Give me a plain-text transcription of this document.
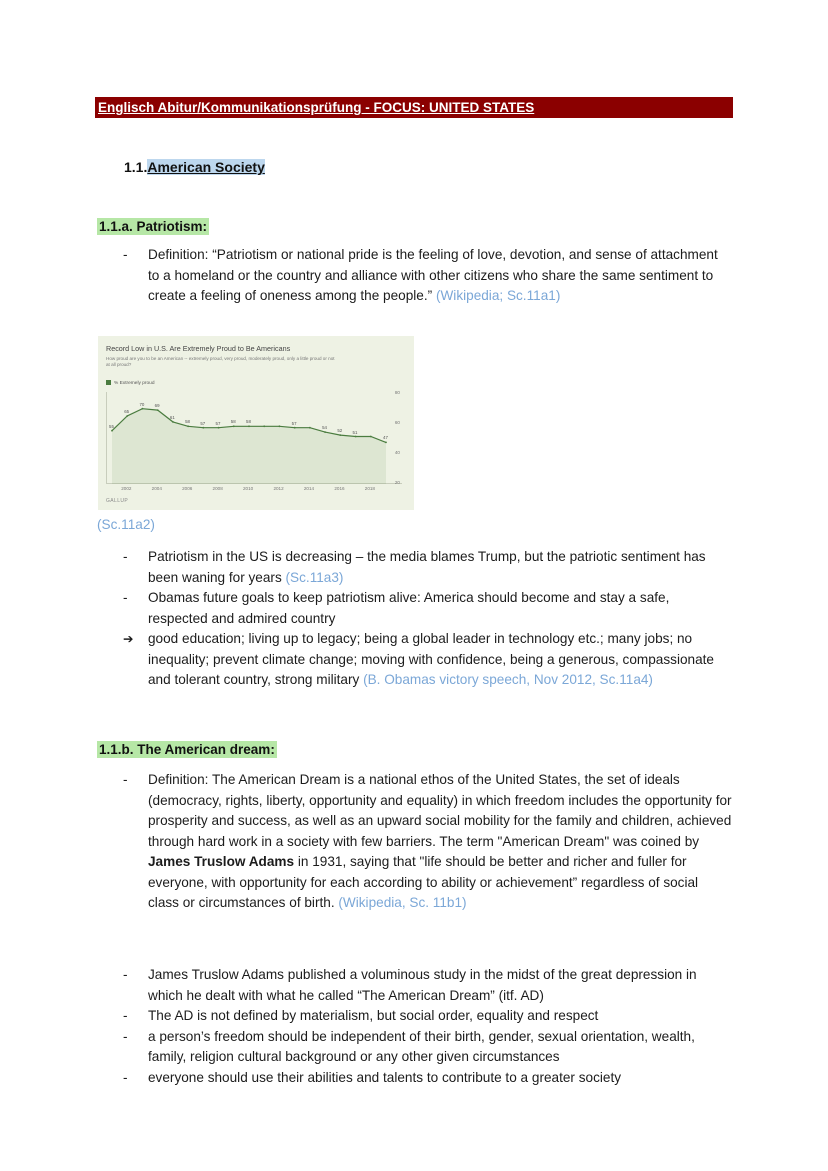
Englisch Abitur/Kommunikationsprüfung - FOCUS: UNITED STATES
1.1.American Society
1.1.a. Patriotism:
-	Definition: “Patriotism or national pride is the feeling of love, devotion, and sense of attachment to a homeland or the country and alliance with other citizens who share the same sentiment to create a feeling of oneness among the people.” (Wikipedia; Sc.11a1)
Record Low in U.S. Are Extremely Proud to Be Americans
How proud are you to be an American -- extremely proud, very proud, moderately proud, only a little proud or not at all proud?
% Extremely proud
80
60
40
20
55
65
70 69
61
58 57 57 58 58	57
54
52 51
47
2002	2004	2006	2008	2010	2012	2014	2016	2018
GALLUP
(Sc.11a2)
-	Patriotism in the US is decreasing – the media blames Trump, but the patriotic sentiment has been waning for years (Sc.11a3)
-	Obamas future goals to keep patriotism alive: America should become and stay a safe, respected and admired country
➔	good education; living up to legacy; being a global leader in technology etc.; many jobs; no inequality; prevent climate change; moving with confidence, being a generous, compassionate and tolerant country, strong military (B. Obamas victory speech, Nov 2012, Sc.11a4)
1.1.b. The American dream:
-	Definition: The American Dream is a national ethos of the United States, the set of ideals (democracy, rights, liberty, opportunity and equality) in which freedom includes the opportunity for prosperity and success, as well as an upward social mobility for the family and children, achieved through hard work in a society with few barriers. The term "American Dream" was coined by James Truslow Adams in 1931, saying that "life should be better and richer and fuller for everyone, with opportunity for each according to ability or achievement” regardless of social class or circumstances of birth. (Wikipedia, Sc. 11b1)
-	James Truslow Adams published a voluminous study in the midst of the great depression in which he dealt with what he called “The American Dream” (itf. AD)
-	The AD is not defined by materialism, but social order, equality and respect
-	a person’s freedom should be independent of their birth, gender, sexual orientation, wealth, family, religion cultural background or any other given circumstances
-	everyone should use their abilities and talents to contribute to a greater society
